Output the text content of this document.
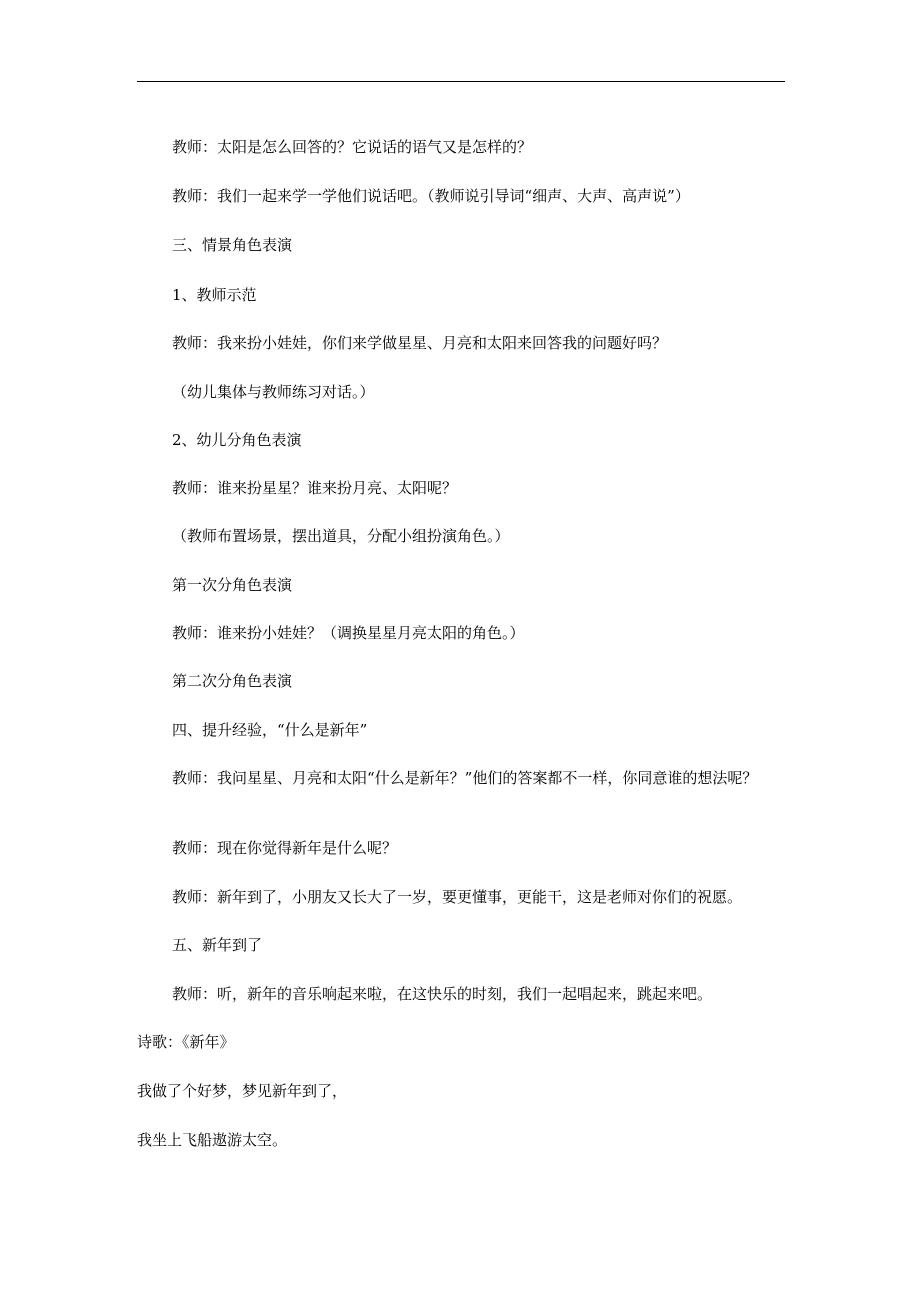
教师：太阳是怎么回答的？它说话的语气又是怎样的？

教师：我们一起来学一学他们说话吧。（教师说引导词“细声、大声、高声说”）

三、情景角色表演

1、教师示范

教师：我来扮小娃娃，你们来学做星星、月亮和太阳来回答我的问题好吗？

（幼儿集体与教师练习对话。）

2、幼儿分角色表演

教师：谁来扮星星？谁来扮月亮、太阳呢？

（教师布置场景，摆出道具，分配小组扮演角色。）

第一次分角色表演

教师：谁来扮小娃娃？（调换星星月亮太阳的角色。）

第二次分角色表演

四、提升经验，“什么是新年”

教师：我问星星、月亮和太阳“什么是新年？”他们的答案都不一样，你同意谁的想法呢？

教师：现在你觉得新年是什么呢？

教师：新年到了，小朋友又长大了一岁，要更懂事，更能干，这是老师对你们的祝愿。

五、新年到了

教师：听，新年的音乐响起来啦，在这快乐的时刻，我们一起唱起来，跳起来吧。

诗歌：《新年》

我做了个好梦，梦见新年到了，

我坐上飞船遨游太空。
